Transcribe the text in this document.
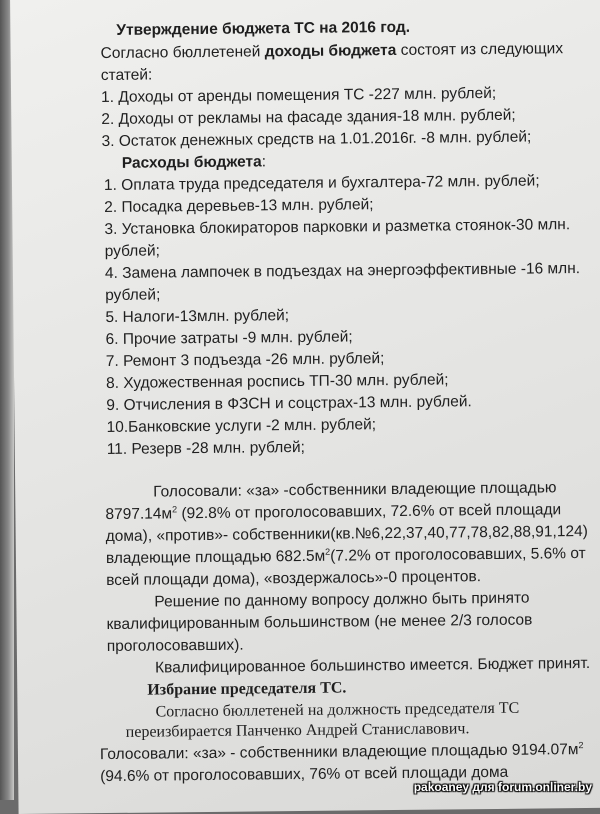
Утверждение бюджета ТС на 2016 год.
Согласно бюллетеней доходы бюджета состоят из следующих
статей:
1. Доходы от аренды помещения ТС -227 млн. рублей;
2. Доходы от рекламы на фасаде здания-18 млн. рублей;
3. Остаток денежных средств на 1.01.2016г. -8 млн. рублей;
Расходы бюджета:
1. Оплата труда председателя и бухгалтера-72 млн. рублей;
2. Посадка деревьев-13 млн. рублей;
3. Установка блокираторов парковки и разметка стоянок-30 млн.
рублей;
4. Замена лампочек в подъездах на энергоэффективные -16 млн.
рублей;
5. Налоги-13млн. рублей;
6. Прочие затраты -9 млн. рублей;
7. Ремонт 3 подъезда -26 млн. рублей;
8. Художественная роспись ТП-30 млн. рублей;
9. Отчисления в ФЗСН и соцстрах-13 млн. рублей.
10.Банковские услуги -2 млн. рублей;
11. Резерв -28 млн. рублей;
Голосовали: «за» -собственники владеющие площадью
$8797.14м^2$ (92.8% от проголосовавших, 72.6% от всей площади
дома), «против»- собственники(кв.№6,22,37,40,77,78,82,88,91,124)
владеющие площадью $682.5м^2(7.2\%$ от проголосовавших, 5.6% от
всей площади дома), «воздержалось»-0 процентов.
Решение по данному вопросу должно быть принято
квалифицированным большинством (не менее 2/3 голосов
проголосовавших).
Квалифицированное большинство имеется. Бюджет принят.
Избрание председателя ТС.
Согласно бюллетеней на должность председателя ТС
переизбирается Панченко Андрей Станиславович.
Голосовали: «за» - собственники владеющие площадью $9194.07м^2$
(94.6% от проголосовавших, 76% от всей площади дома
pakoaney для forum.onliner.by
